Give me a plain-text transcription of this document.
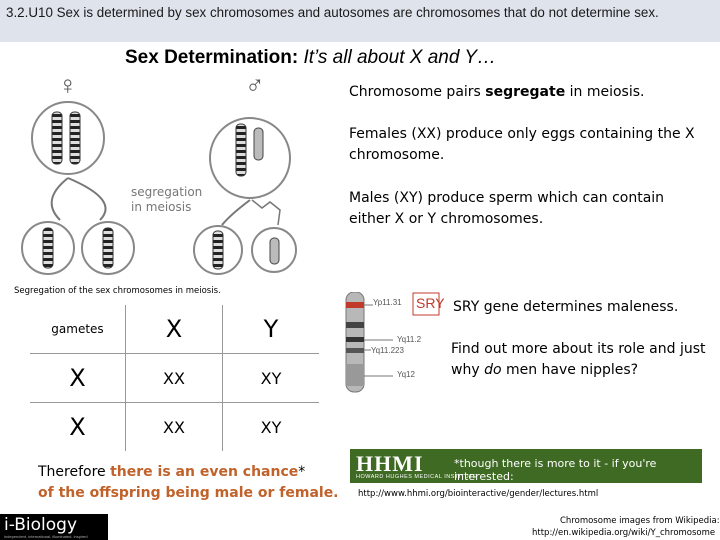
3.2.U10 Sex is determined by sex chromosomes and autosomes are chromosomes that do not determine sex.
Sex Determination: It’s all about X and Y…
♀	♂
segregation
in meiosis
Segregation of the sex chromosomes in meiosis.
Chromosome pairs segregate in meiosis.
Females (XX) produce only eggs containing the X chromosome.
Males (XY) produce sperm which can contain either X or Y chromosomes.
Yp11.31 SRY
Yq11.2
Yq11.223
Yq12
SRY gene determines maleness.
Find out more about its role and just why do men have nipples?
gametes	X	Y
X	XX	XY
X	XX	XY
Therefore there is an even chance*
of the offspring being male or female.
HHMI
HOWARD HUGHES MEDICAL INSTITUTE
*though there is more to it - if you're interested:
http://www.hhmi.org/biointeractive/gender/lectures.html
Chromosome images from Wikipedia:
http://en.wikipedia.org/wiki/Y_chromosome
i-Biology
independent, international, illuminated, inspired
